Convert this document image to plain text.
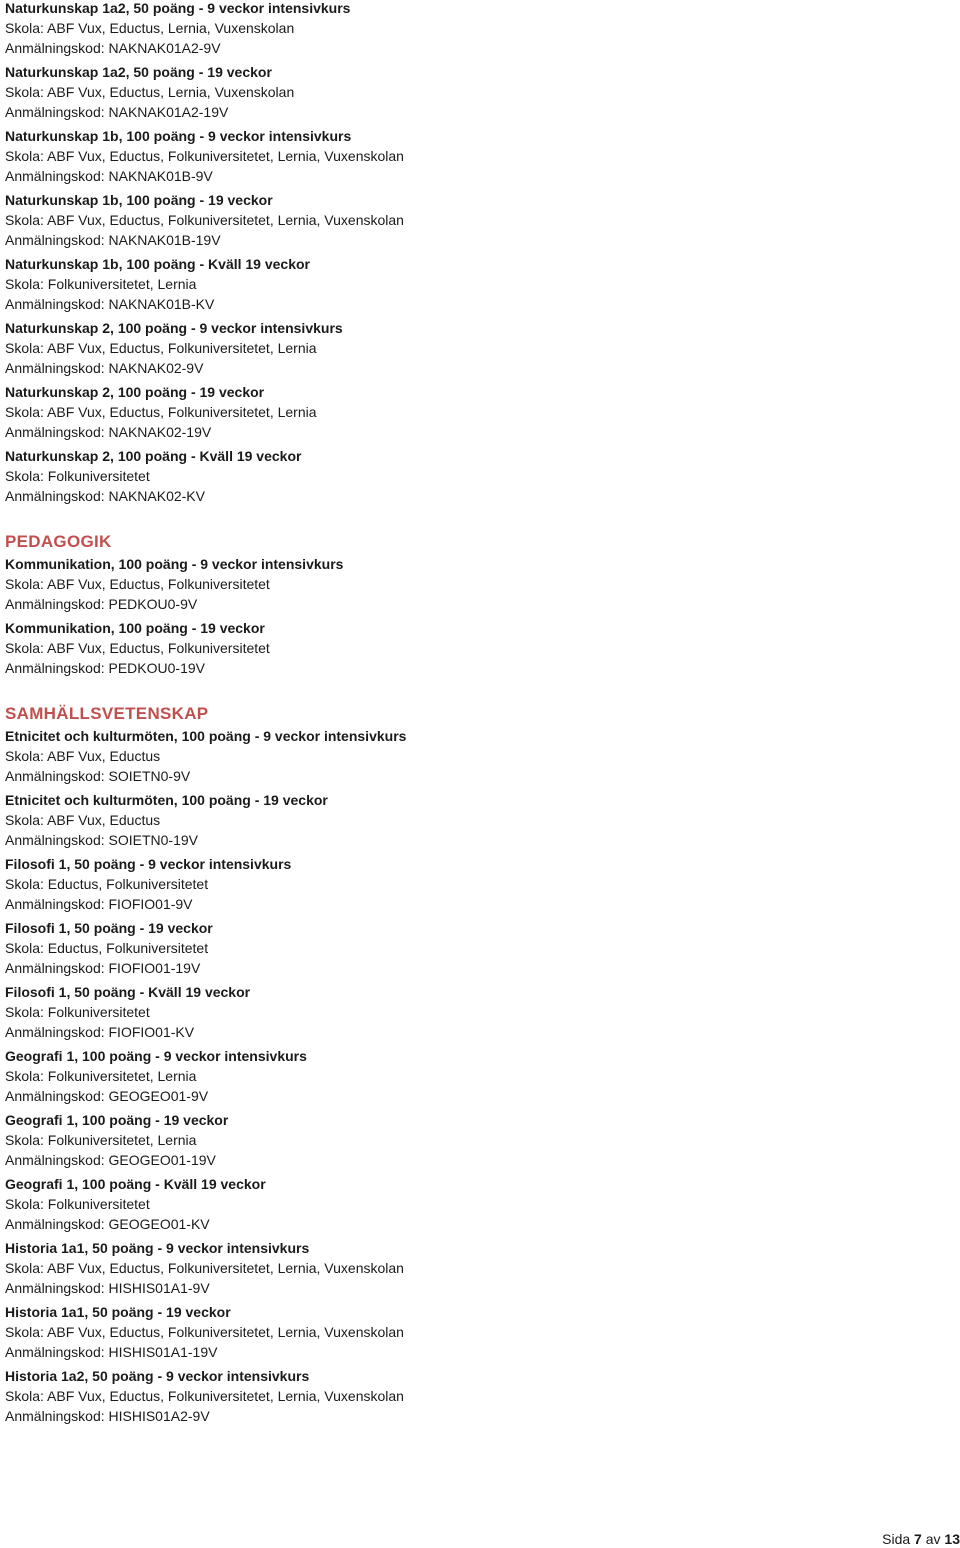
Naturkunskap 1a2, 50 poäng - 9 veckor intensivkurs
Skola: ABF Vux, Eductus, Lernia, Vuxenskolan
Anmälningskod: NAKNAK01A2-9V
Naturkunskap 1a2, 50 poäng - 19 veckor
Skola: ABF Vux, Eductus, Lernia, Vuxenskolan
Anmälningskod: NAKNAK01A2-19V
Naturkunskap 1b, 100 poäng - 9 veckor intensivkurs
Skola: ABF Vux, Eductus, Folkuniversitetet, Lernia, Vuxenskolan
Anmälningskod: NAKNAK01B-9V
Naturkunskap 1b, 100 poäng - 19 veckor
Skola: ABF Vux, Eductus, Folkuniversitetet, Lernia, Vuxenskolan
Anmälningskod: NAKNAK01B-19V
Naturkunskap 1b, 100 poäng - Kväll 19 veckor
Skola: Folkuniversitetet, Lernia
Anmälningskod: NAKNAK01B-KV
Naturkunskap 2, 100 poäng - 9 veckor intensivkurs
Skola: ABF Vux, Eductus, Folkuniversitetet, Lernia
Anmälningskod: NAKNAK02-9V
Naturkunskap 2, 100 poäng - 19 veckor
Skola: ABF Vux, Eductus, Folkuniversitetet, Lernia
Anmälningskod: NAKNAK02-19V
Naturkunskap 2, 100 poäng - Kväll 19 veckor
Skola: Folkuniversitetet
Anmälningskod: NAKNAK02-KV
PEDAGOGIK
Kommunikation, 100 poäng - 9 veckor intensivkurs
Skola: ABF Vux, Eductus, Folkuniversitetet
Anmälningskod: PEDKOU0-9V
Kommunikation, 100 poäng - 19 veckor
Skola: ABF Vux, Eductus, Folkuniversitetet
Anmälningskod: PEDKOU0-19V
SAMHÄLLSVETENSKAP
Etnicitet och kulturmöten, 100 poäng - 9 veckor intensivkurs
Skola: ABF Vux, Eductus
Anmälningskod: SOIETN0-9V
Etnicitet och kulturmöten, 100 poäng - 19 veckor
Skola: ABF Vux, Eductus
Anmälningskod: SOIETN0-19V
Filosofi 1, 50 poäng - 9 veckor intensivkurs
Skola: Eductus, Folkuniversitetet
Anmälningskod: FIOFIO01-9V
Filosofi 1, 50 poäng - 19 veckor
Skola: Eductus, Folkuniversitetet
Anmälningskod: FIOFIO01-19V
Filosofi 1, 50 poäng - Kväll 19 veckor
Skola: Folkuniversitetet
Anmälningskod: FIOFIO01-KV
Geografi 1, 100 poäng - 9 veckor intensivkurs
Skola: Folkuniversitetet, Lernia
Anmälningskod: GEOGEO01-9V
Geografi 1, 100 poäng - 19 veckor
Skola: Folkuniversitetet, Lernia
Anmälningskod: GEOGEO01-19V
Geografi 1, 100 poäng - Kväll 19 veckor
Skola: Folkuniversitetet
Anmälningskod: GEOGEO01-KV
Historia 1a1, 50 poäng - 9 veckor intensivkurs
Skola: ABF Vux, Eductus, Folkuniversitetet, Lernia, Vuxenskolan
Anmälningskod: HISHIS01A1-9V
Historia 1a1, 50 poäng - 19 veckor
Skola: ABF Vux, Eductus, Folkuniversitetet, Lernia, Vuxenskolan
Anmälningskod: HISHIS01A1-19V
Historia 1a2, 50 poäng - 9 veckor intensivkurs
Skola: ABF Vux, Eductus, Folkuniversitetet, Lernia, Vuxenskolan
Anmälningskod: HISHIS01A2-9V
Sida 7 av 13
